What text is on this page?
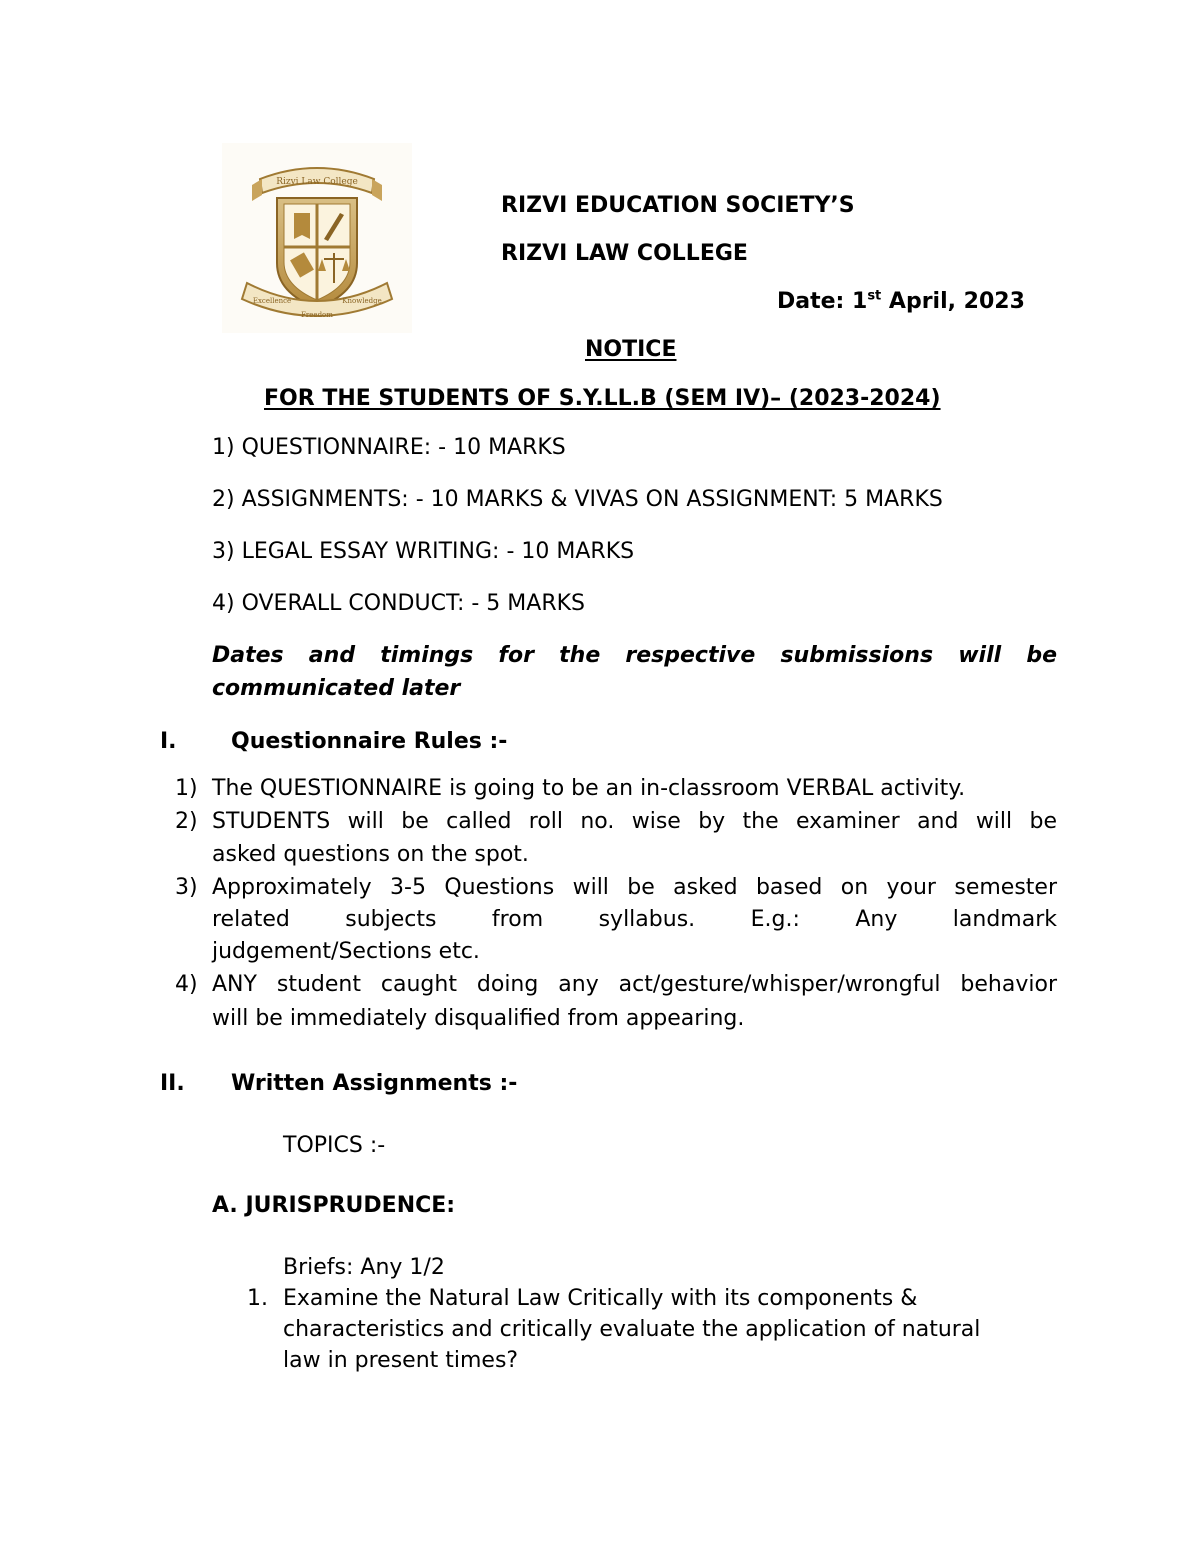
Rizvi Law College
Excellence
Freedom
Knowledge
RIZVI EDUCATION SOCIETY’S
RIZVI LAW COLLEGE
Date: 1st April, 2023
NOTICE
FOR THE STUDENTS OF S.Y.LL.B (SEM IV)– (2023-2024)
1) QUESTIONNAIRE: - 10 MARKS
2) ASSIGNMENTS: - 10 MARKS & VIVAS ON ASSIGNMENT: 5 MARKS
3) LEGAL ESSAY WRITING: - 10 MARKS
4) OVERALL CONDUCT: - 5 MARKS
Dates and timings for the respective submissions will be
communicated later
I. Questionnaire Rules :-
1) The QUESTIONNAIRE is going to be an in-classroom VERBAL activity.
2) STUDENTS will be called roll no. wise by the examiner and will be
asked questions on the spot.
3) Approximately 3-5 Questions will be asked based on your semester
related subjects from syllabus. E.g.: Any landmark
judgement/Sections etc.
4) ANY student caught doing any act/gesture/whisper/wrongful behavior
will be immediately disqualified from appearing.
II. Written Assignments :-
TOPICS :-
A. JURISPRUDENCE:
Briefs: Any 1/2
1. Examine the Natural Law Critically with its components &
characteristics and critically evaluate the application of natural
law in present times?
